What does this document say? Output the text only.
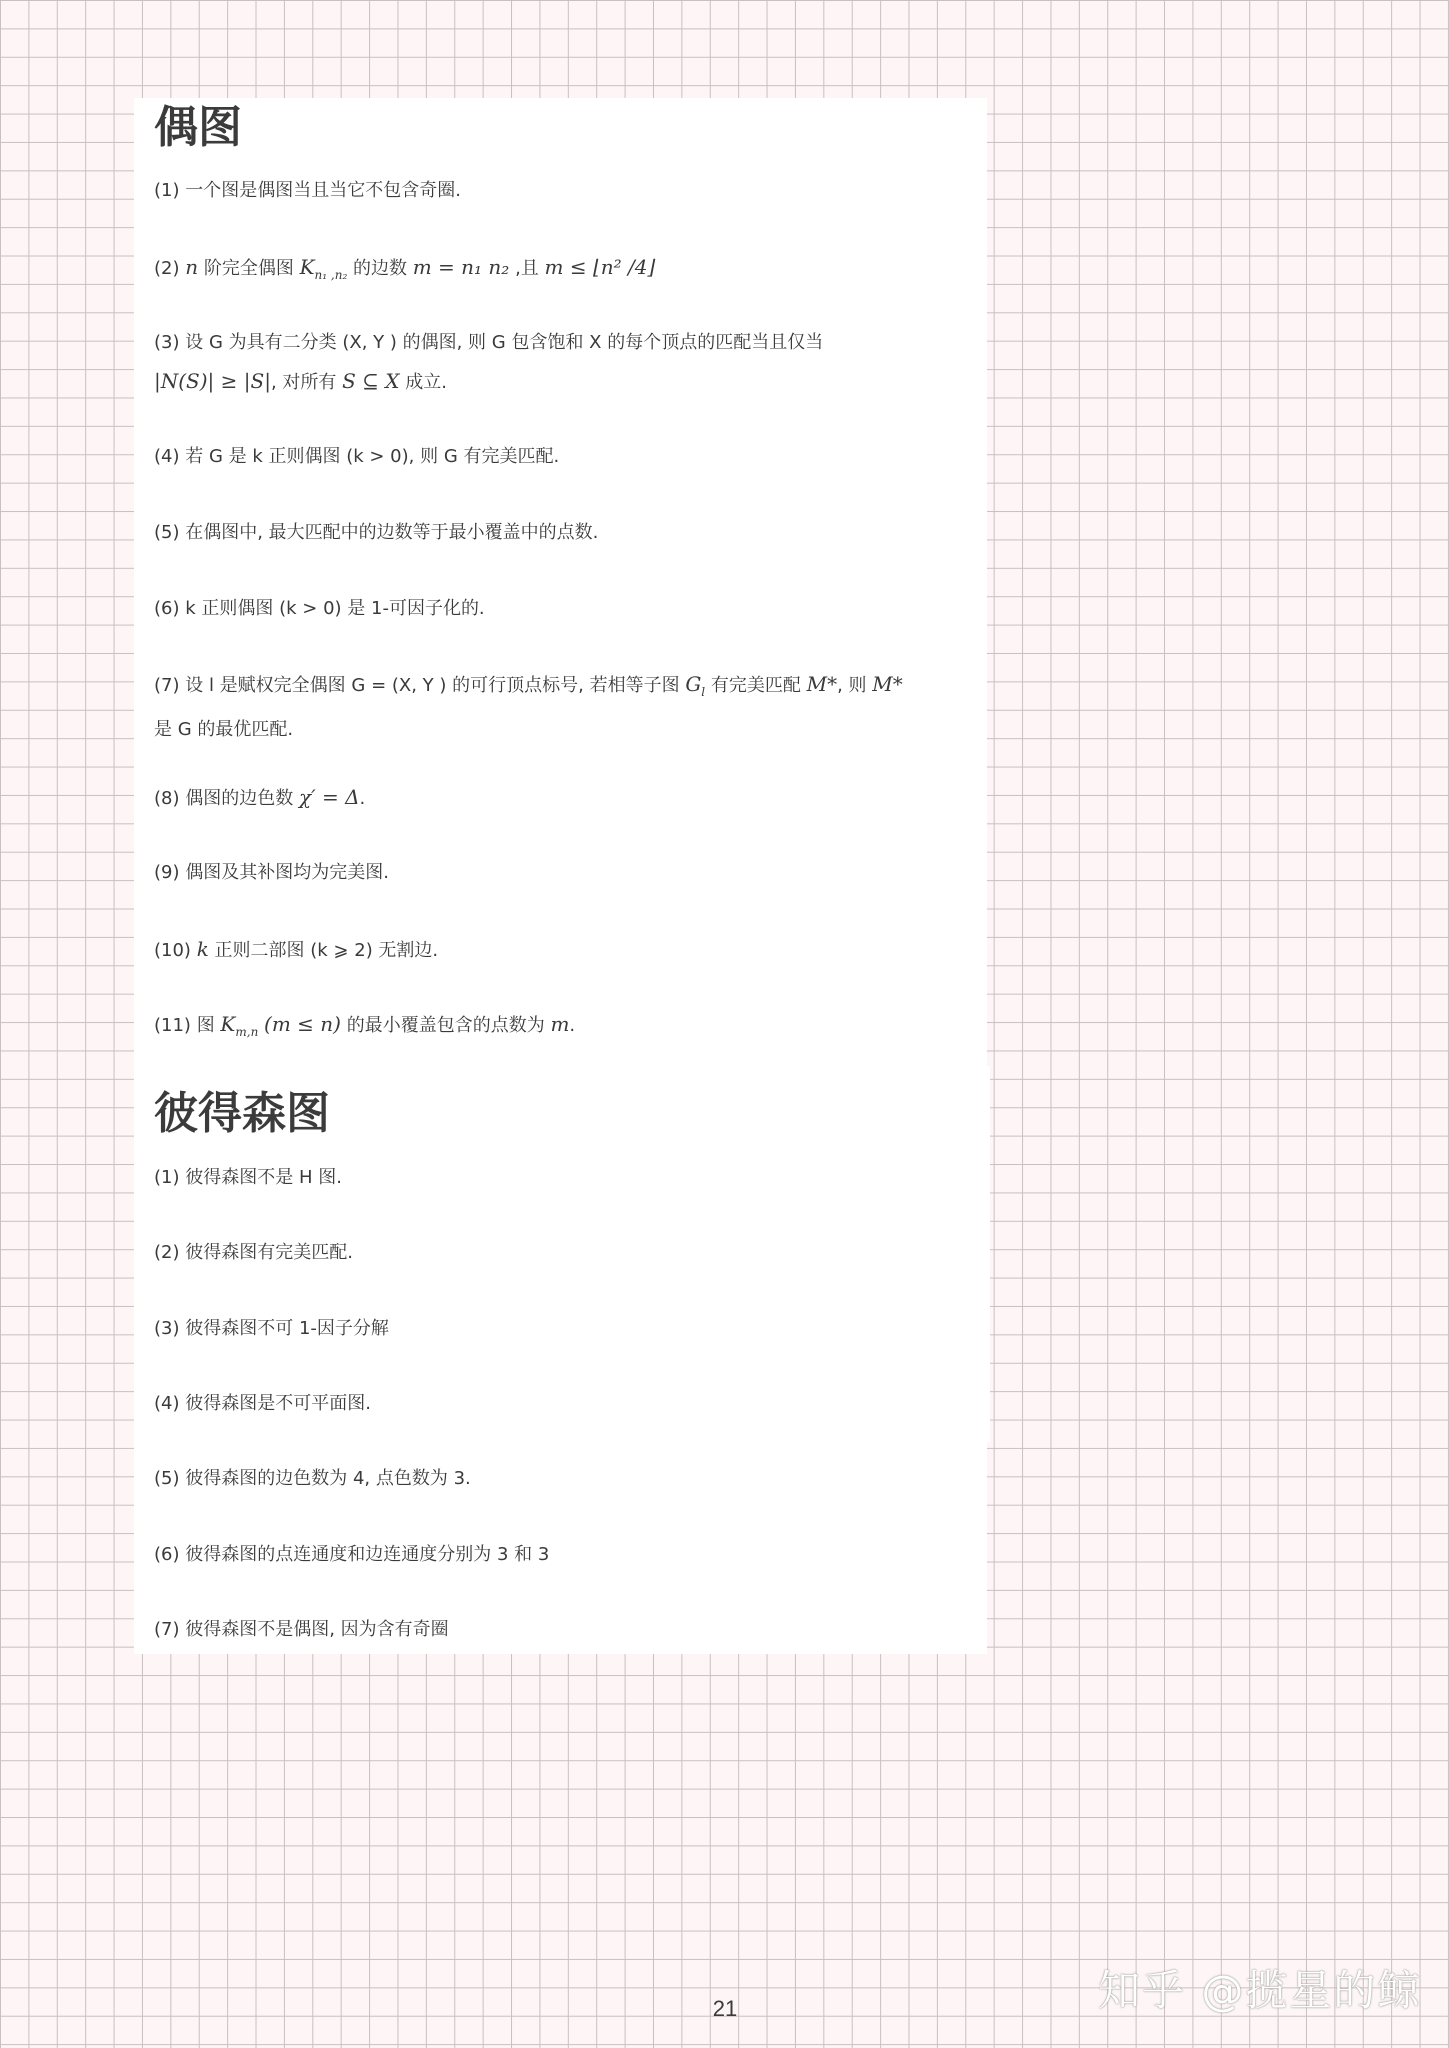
偶图
(1) 一个图是偶图当且当它不包含奇圈.
(2) n 阶完全偶图 $K_{n_1 ,n_2}$ 的边数 m = n₁ n₂ ,且 m ≤ ⌊n² /4⌋
(3) 设 G 为具有二分类 (X, Y ) 的偶图, 则 G 包含饱和 X 的每个顶点的匹配当且仅当
|N(S)| ≥ |S|, 对所有 S ⊆ X 成立.
(4) 若 G 是 k 正则偶图 (k > 0), 则 G 有完美匹配.
(5) 在偶图中, 最大匹配中的边数等于最小覆盖中的点数.
(6) k 正则偶图 (k > 0) 是 1-可因子化的.
(7) 设 l 是赋权完全偶图 G = (X, Y ) 的可行顶点标号, 若相等子图 $G_l$ 有完美匹配 M*, 则 M*
是 G 的最优匹配.
(8) 偶图的边色数 χ′ = Δ.
(9) 偶图及其补图均为完美图.
(10) k 正则二部图 (k ⩾ 2) 无割边.
(11) 图 $K_{m,n}$ (m ≤ n) 的最小覆盖包含的点数为 m.
彼得森图
(1) 彼得森图不是 H 图.
(2) 彼得森图有完美匹配.
(3) 彼得森图不可 1-因子分解
(4) 彼得森图是不可平面图.
(5) 彼得森图的边色数为 4, 点色数为 3.
(6) 彼得森图的点连通度和边连通度分别为 3 和 3
(7) 彼得森图不是偶图, 因为含有奇圈
21	知乎 @揽星的鲸
